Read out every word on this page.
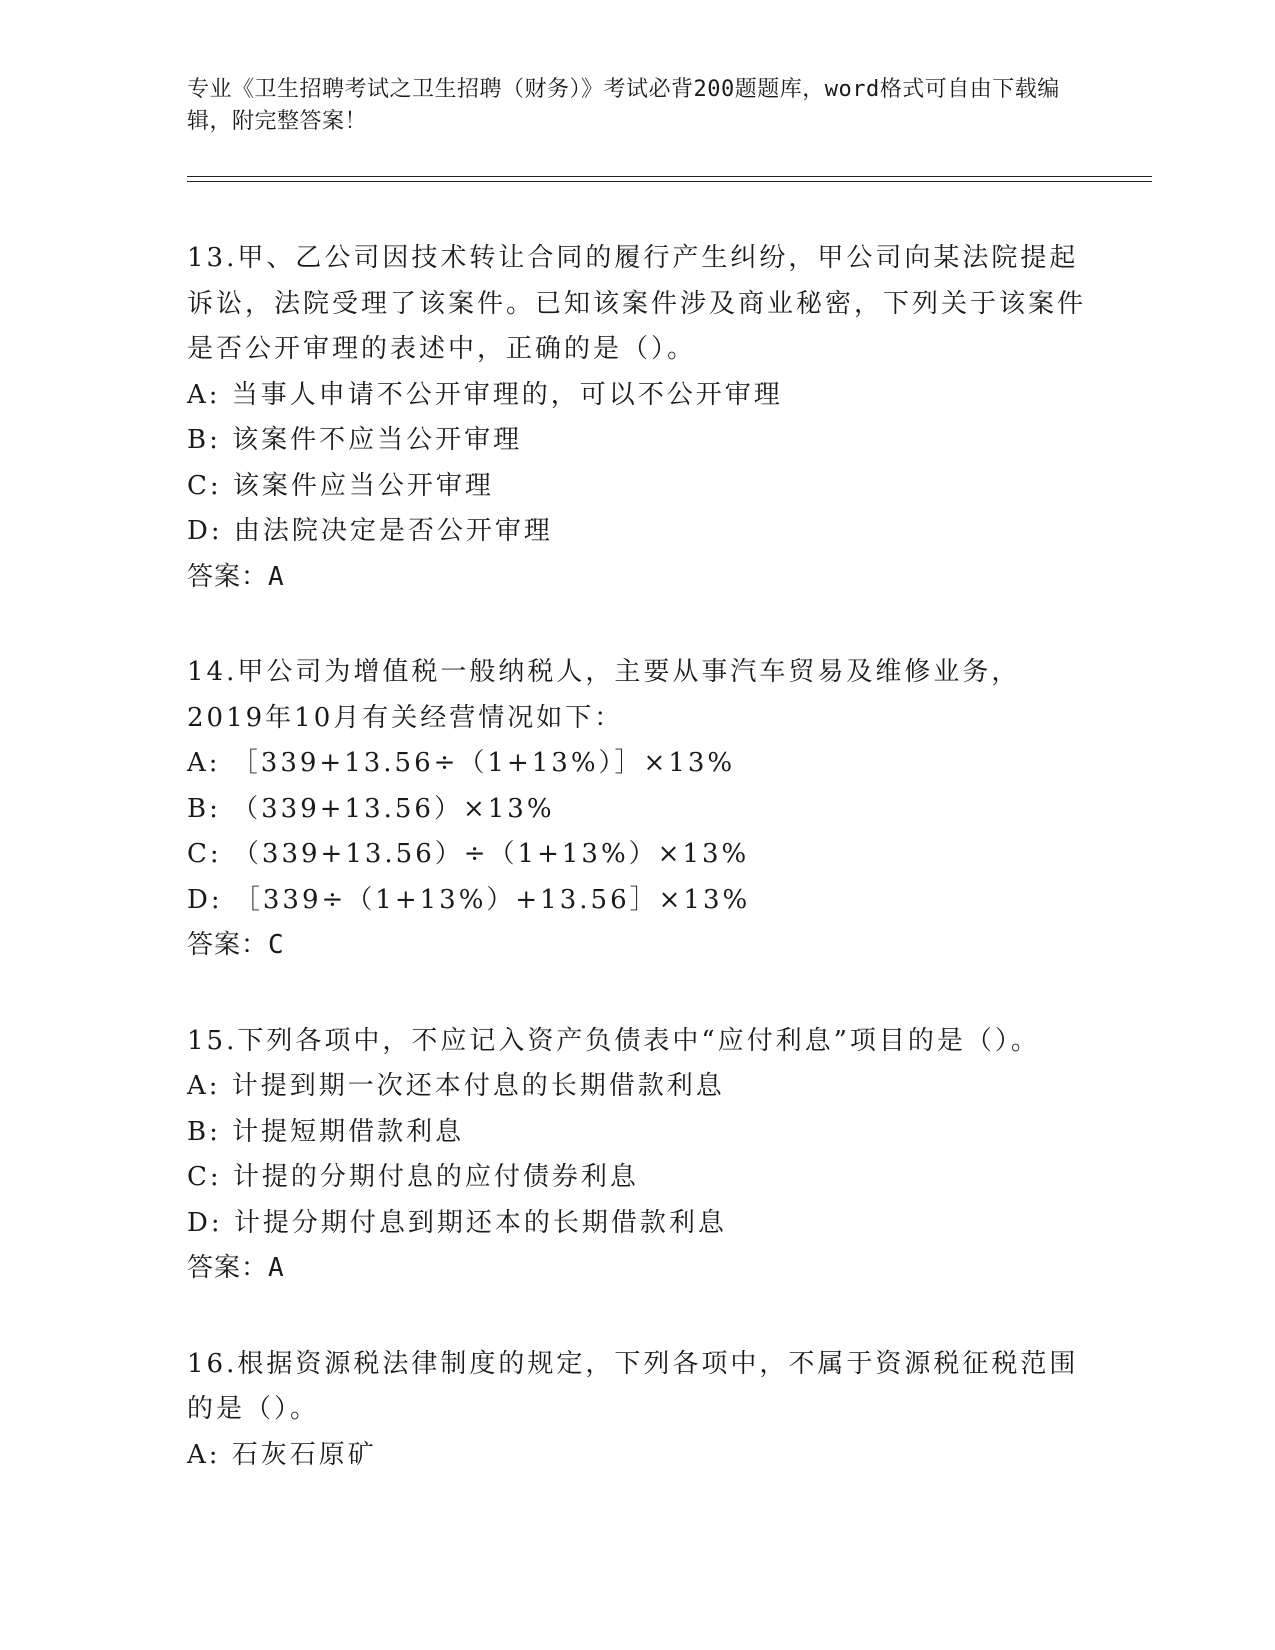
专业《卫生招聘考试之卫生招聘（财务）》考试必背200题题库，word格式可自由下载编辑，附完整答案！

13.甲、乙公司因技术转让合同的履行产生纠纷，甲公司向某法院提起诉讼，法院受理了该案件。已知该案件涉及商业秘密，下列关于该案件是否公开审理的表述中，正确的是（）。

A: 当事人申请不公开审理的，可以不公开审理

B: 该案件不应当公开审理

C: 该案件应当公开审理

D: 由法院决定是否公开审理

答案：A

14.甲公司为增值税一般纳税人，主要从事汽车贸易及维修业务，2019年10月有关经营情况如下：

A: ［339+13.56÷（1+13%）］×13%

B: （339+13.56）×13%

C: （339+13.56）÷（1+13%）×13%

D: ［339÷（1+13%）+13.56］×13%

答案：C

15.下列各项中，不应记入资产负债表中“应付利息”项目的是（）。

A: 计提到期一次还本付息的长期借款利息

B: 计提短期借款利息

C: 计提的分期付息的应付债券利息

D: 计提分期付息到期还本的长期借款利息

答案：A

16.根据资源税法律制度的规定，下列各项中，不属于资源税征税范围的是（）。

A: 石灰石原矿
